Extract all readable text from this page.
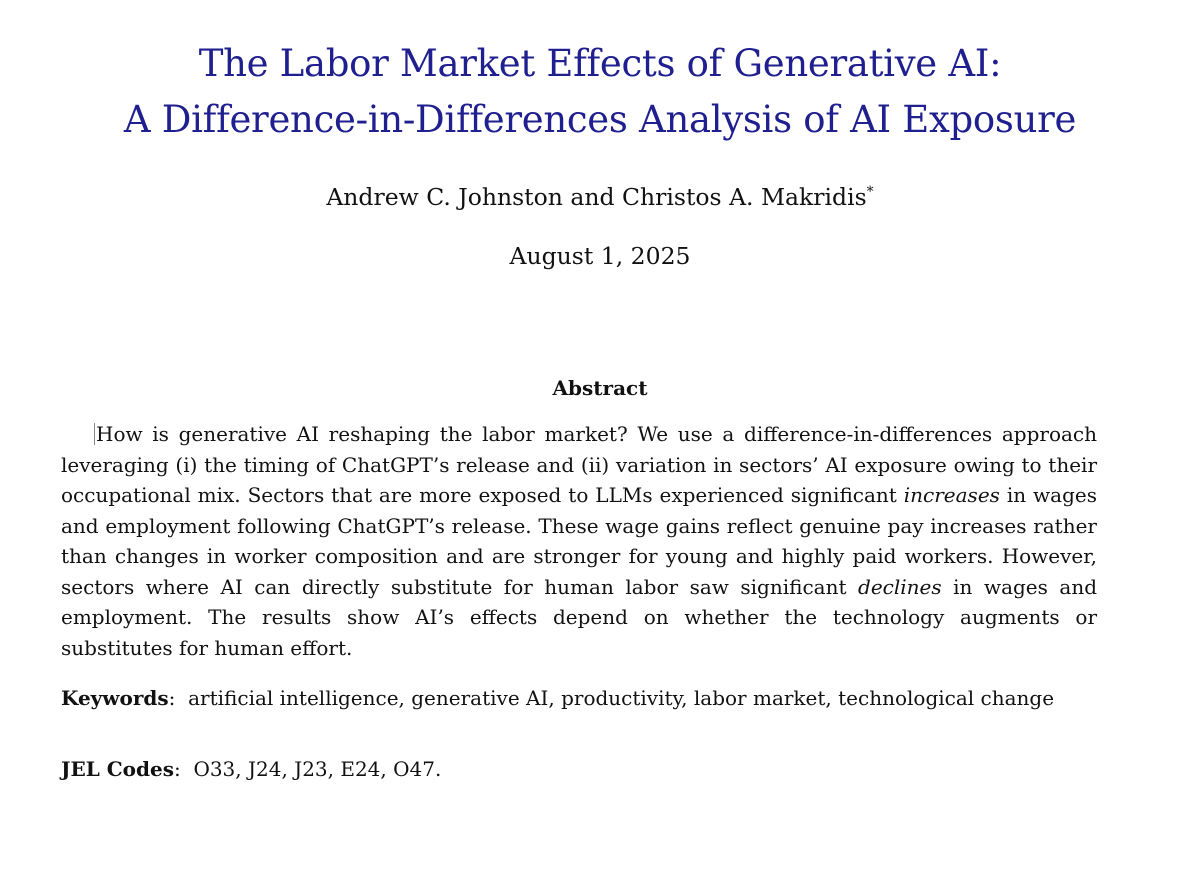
The Labor Market Effects of Generative AI:
A Difference-in-Differences Analysis of AI Exposure
Andrew C. Johnston and Christos A. Makridis*
August 1, 2025
Abstract

How is generative AI reshaping the labor market? We use a difference-in-differences approach leveraging (i) the timing of ChatGPT’s release and (ii) variation in sectors’ AI exposure owing to their occupational mix. Sectors that are more exposed to LLMs experienced significant increases in wages and employment following ChatGPT’s release. These wage gains reflect genuine pay increases rather than changes in worker composition and are stronger for young and highly paid workers. However, sectors where AI can directly substitute for human labor saw significant declines in wages and employment. The results show AI’s effects depend on whether the technology augments or substitutes for human effort.

Keywords: artificial intelligence, generative AI, productivity, labor market, technological change
JEL Codes: O33, J24, J23, E24, O47.
